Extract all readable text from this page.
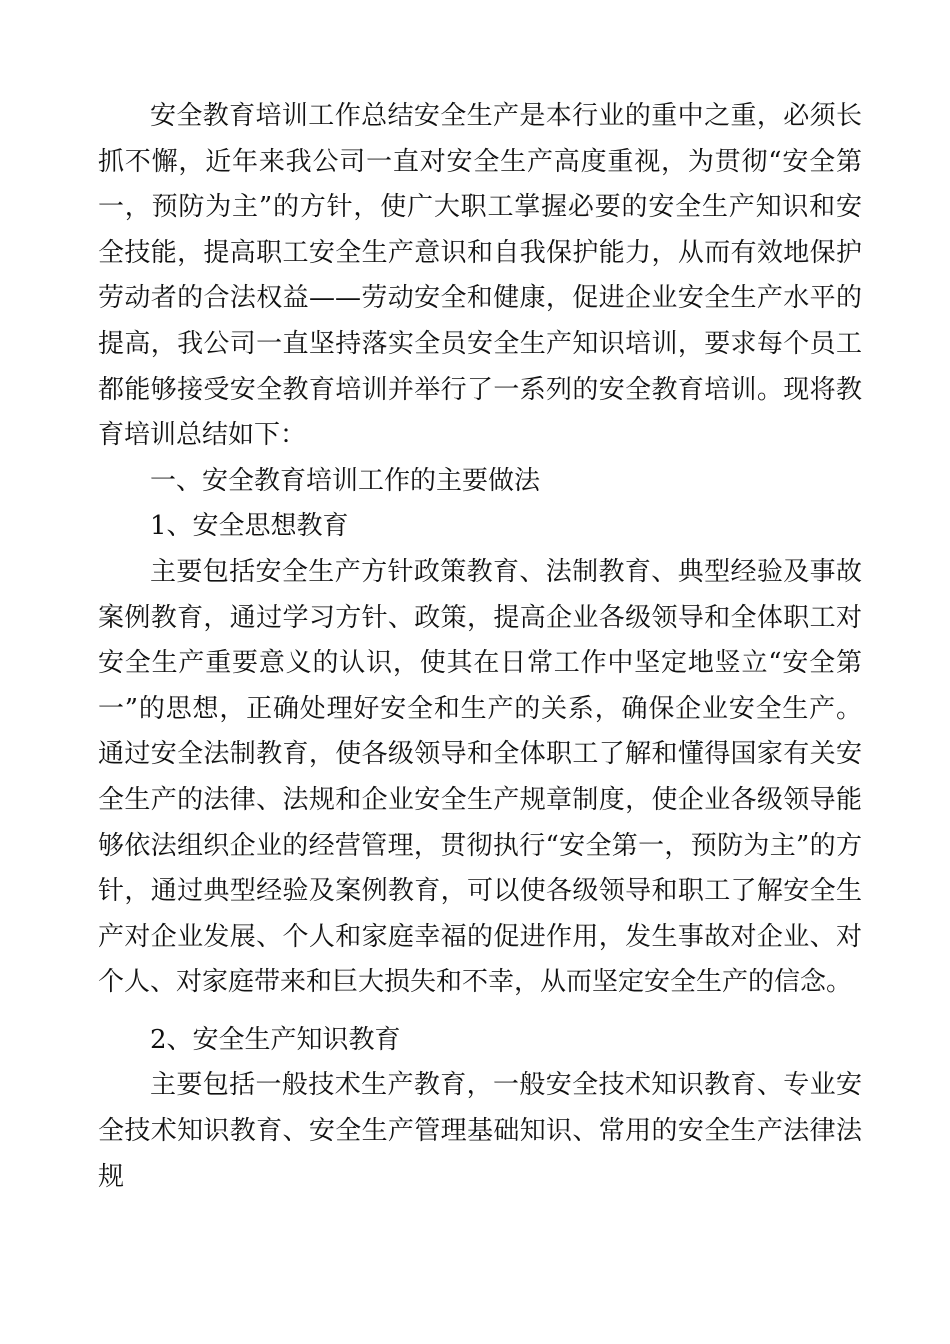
安全教育培训工作总结安全生产是本行业的重中之重，必须长抓不懈，近年来我公司一直对安全生产高度重视，为贯彻“安全第一，预防为主”的方针，使广大职工掌握必要的安全生产知识和安全技能，提高职工安全生产意识和自我保护能力，从而有效地保护劳动者的合法权益——劳动安全和健康，促进企业安全生产水平的提高，我公司一直坚持落实全员安全生产知识培训，要求每个员工都能够接受安全教育培训并举行了一系列的安全教育培训。现将教育培训总结如下：

一、安全教育培训工作的主要做法

1、安全思想教育

主要包括安全生产方针政策教育、法制教育、典型经验及事故案例教育，通过学习方针、政策，提高企业各级领导和全体职工对安全生产重要意义的认识，使其在日常工作中坚定地竖立“安全第一”的思想，正确处理好安全和生产的关系，确保企业安全生产。通过安全法制教育，使各级领导和全体职工了解和懂得国家有关安全生产的法律、法规和企业安全生产规章制度，使企业各级领导能够依法组织企业的经营管理，贯彻执行“安全第一，预防为主”的方针，通过典型经验及案例教育，可以使各级领导和职工了解安全生产对企业发展、个人和家庭幸福的促进作用，发生事故对企业、对个人、对家庭带来和巨大损失和不幸，从而坚定安全生产的信念。

2、安全生产知识教育

主要包括一般技术生产教育，一般安全技术知识教育、专业安全技术知识教育、安全生产管理基础知识、常用的安全生产法律法规
